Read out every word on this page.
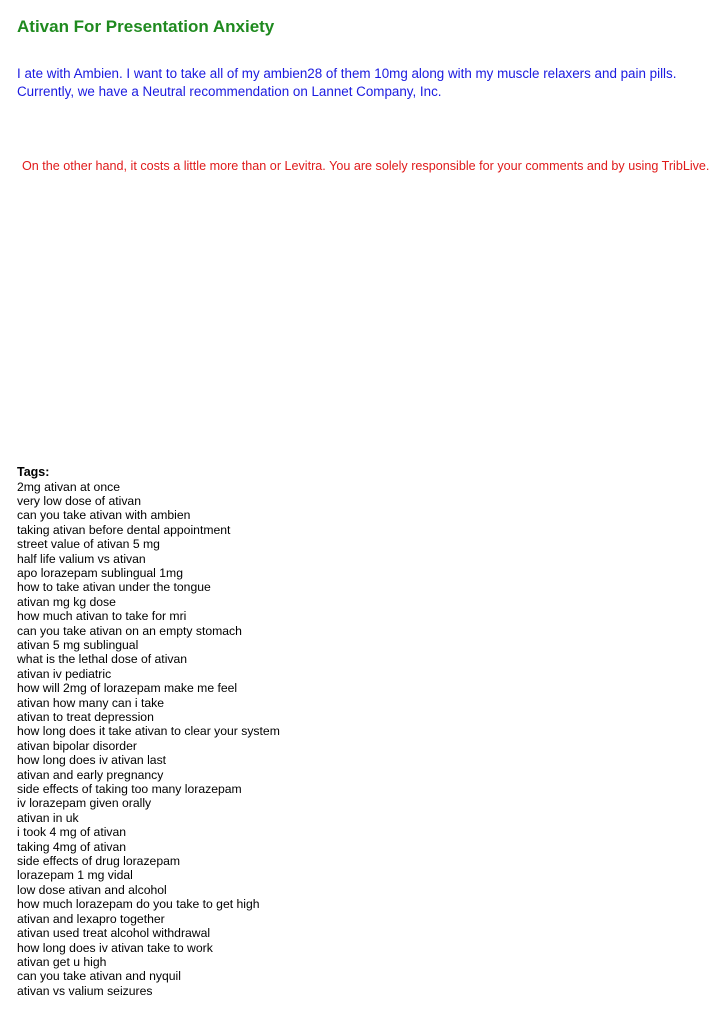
Ativan For Presentation Anxiety

I ate with Ambien. I want to take all of my ambien28 of them 10mg along with my muscle relaxers and pain pills. Currently, we have a Neutral recommendation on Lannet Company, Inc.

On the other hand, it costs a little more than or Levitra. You are solely responsible for your comments and by using TribLive.

Tags:

2mg ativan at once
very low dose of ativan
can you take ativan with ambien
taking ativan before dental appointment
street value of ativan 5 mg
half life valium vs ativan
apo lorazepam sublingual 1mg
how to take ativan under the tongue
ativan mg kg dose
how much ativan to take for mri
can you take ativan on an empty stomach
ativan 5 mg sublingual
what is the lethal dose of ativan
ativan iv pediatric
how will 2mg of lorazepam make me feel
ativan how many can i take
ativan to treat depression
how long does it take ativan to clear your system
ativan bipolar disorder
how long does iv ativan last
ativan and early pregnancy
side effects of taking too many lorazepam
iv lorazepam given orally
ativan in uk
i took 4 mg of ativan
taking 4mg of ativan
side effects of drug lorazepam
lorazepam 1 mg vidal
low dose ativan and alcohol
how much lorazepam do you take to get high
ativan and lexapro together
ativan used treat alcohol withdrawal
how long does iv ativan take to work
ativan get u high
can you take ativan and nyquil
ativan vs valium seizures
